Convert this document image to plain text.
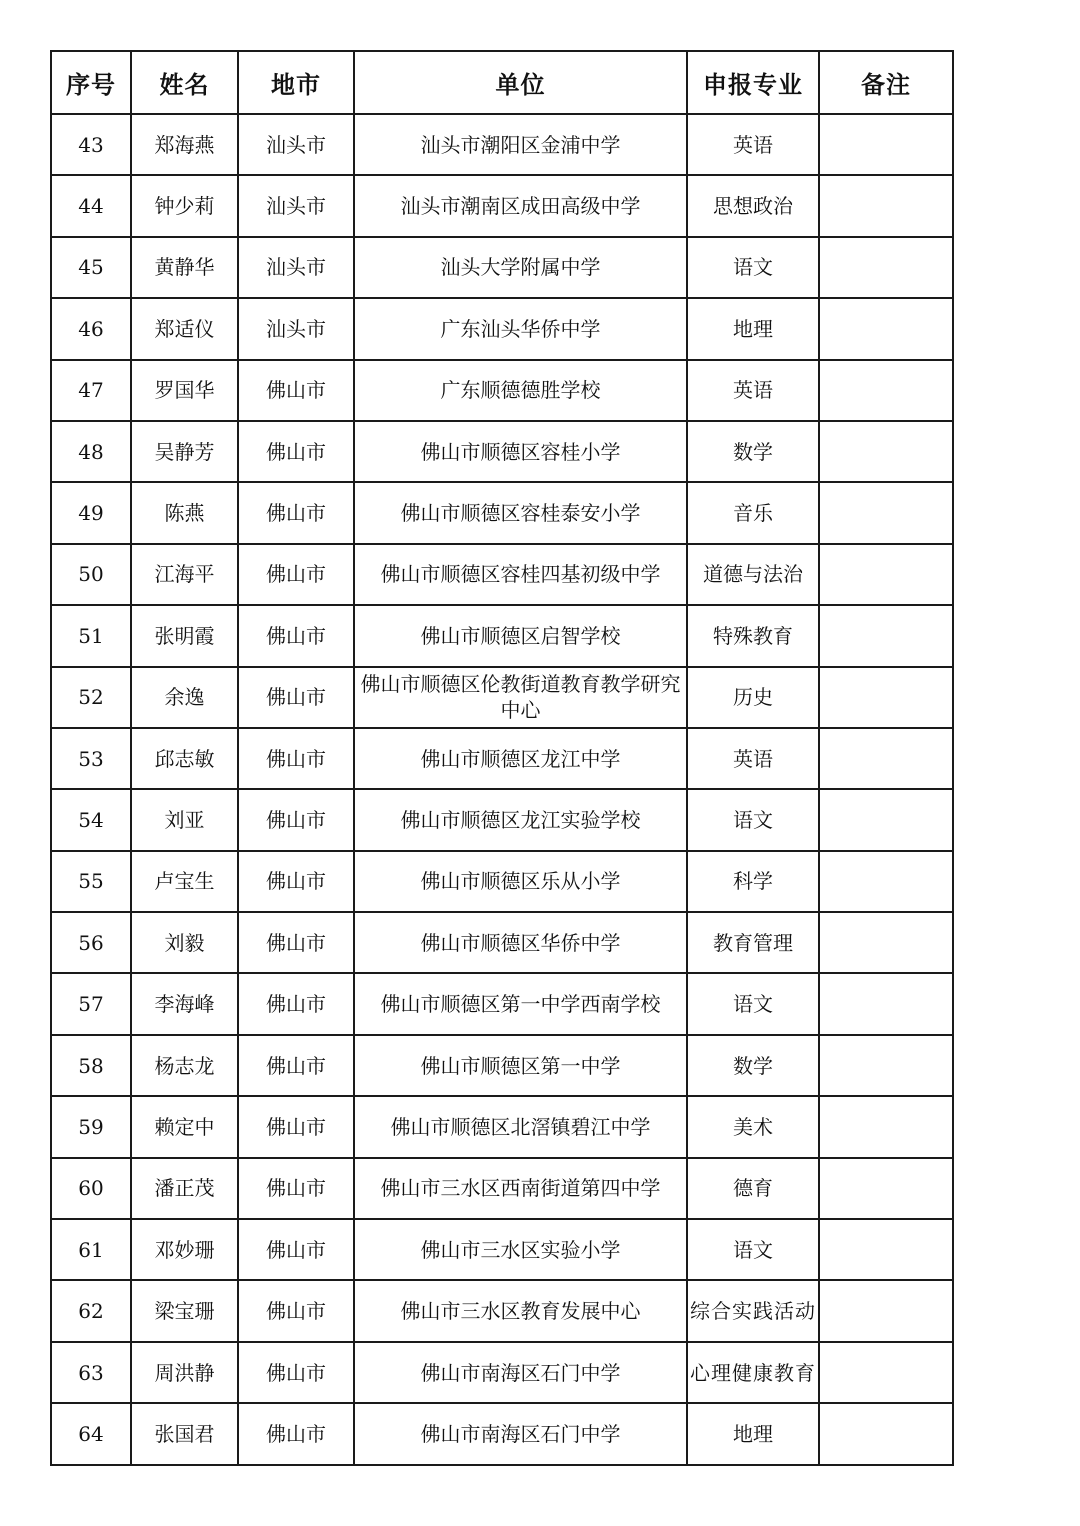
序号	姓名	地市	单位	申报专业	备注
43	郑海燕	汕头市	汕头市潮阳区金浦中学	英语	
44	钟少莉	汕头市	汕头市潮南区成田高级中学	思想政治	
45	黄静华	汕头市	汕头大学附属中学	语文	
46	郑适仪	汕头市	广东汕头华侨中学	地理	
47	罗国华	佛山市	广东顺德德胜学校	英语	
48	吴静芳	佛山市	佛山市顺德区容桂小学	数学	
49	陈燕	佛山市	佛山市顺德区容桂泰安小学	音乐	
50	江海平	佛山市	佛山市顺德区容桂四基初级中学	道德与法治	
51	张明霞	佛山市	佛山市顺德区启智学校	特殊教育	
52	余逸	佛山市	佛山市顺德区伦教街道教育教学研究中心	历史	
53	邱志敏	佛山市	佛山市顺德区龙江中学	英语	
54	刘亚	佛山市	佛山市顺德区龙江实验学校	语文	
55	卢宝生	佛山市	佛山市顺德区乐从小学	科学	
56	刘毅	佛山市	佛山市顺德区华侨中学	教育管理	
57	李海峰	佛山市	佛山市顺德区第一中学西南学校	语文	
58	杨志龙	佛山市	佛山市顺德区第一中学	数学	
59	赖定中	佛山市	佛山市顺德区北滘镇碧江中学	美术	
60	潘正茂	佛山市	佛山市三水区西南街道第四中学	德育	
61	邓妙珊	佛山市	佛山市三水区实验小学	语文	
62	梁宝珊	佛山市	佛山市三水区教育发展中心	综合实践活动	
63	周洪静	佛山市	佛山市南海区石门中学	心理健康教育	
64	张国君	佛山市	佛山市南海区石门中学	地理	
